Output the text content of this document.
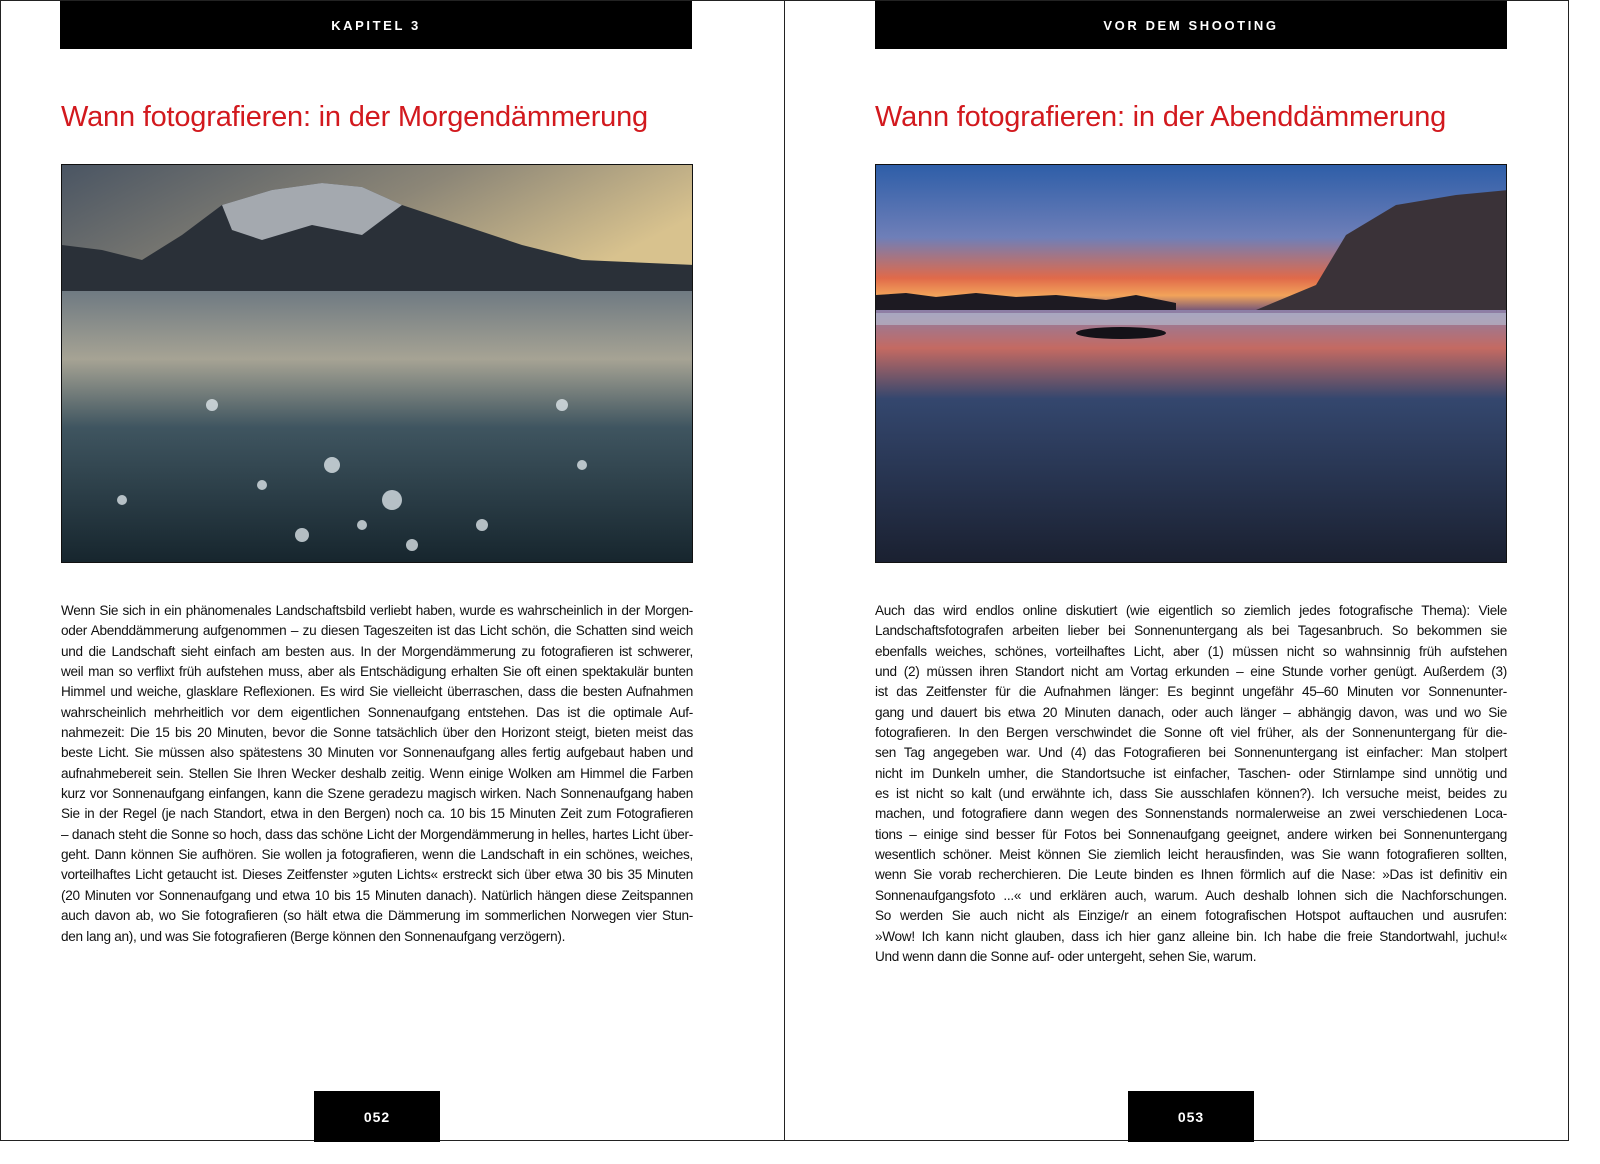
KAPITEL 3
Wann fotografieren: in der Morgendämmerung
Wenn Sie sich in ein phänomenales Landschaftsbild verliebt haben, wurde es wahrscheinlich in der Morgen-
oder Abenddämmerung aufgenommen – zu diesen Tageszeiten ist das Licht schön, die Schatten sind weich
und die Landschaft sieht einfach am besten aus. In der Morgendämmerung zu fotografieren ist schwerer,
weil man so verflixt früh aufstehen muss, aber als Entschädigung erhalten Sie oft einen spektakulär bunten
Himmel und weiche, glasklare Reflexionen. Es wird Sie vielleicht überraschen, dass die besten Aufnahmen
wahrscheinlich mehrheitlich vor dem eigentlichen Sonnenaufgang entstehen. Das ist die optimale Auf-
nahmezeit: Die 15 bis 20 Minuten, bevor die Sonne tatsächlich über den Horizont steigt, bieten meist das
beste Licht. Sie müssen also spätestens 30 Minuten vor Sonnenaufgang alles fertig aufgebaut haben und
aufnahmebereit sein. Stellen Sie Ihren Wecker deshalb zeitig. Wenn einige Wolken am Himmel die Farben
kurz vor Sonnenaufgang einfangen, kann die Szene geradezu magisch wirken. Nach Sonnenaufgang haben
Sie in der Regel (je nach Standort, etwa in den Bergen) noch ca. 10 bis 15 Minuten Zeit zum Fotografieren
– danach steht die Sonne so hoch, dass das schöne Licht der Morgendämmerung in helles, hartes Licht über-
geht. Dann können Sie aufhören. Sie wollen ja fotografieren, wenn die Landschaft in ein schönes, weiches,
vorteilhaftes Licht getaucht ist. Dieses Zeitfenster »guten Lichts« erstreckt sich über etwa 30 bis 35 Minuten
(20 Minuten vor Sonnenaufgang und etwa 10 bis 15 Minuten danach). Natürlich hängen diese Zeitspannen
auch davon ab, wo Sie fotografieren (so hält etwa die Dämmerung im sommerlichen Norwegen vier Stun-
den lang an), und was Sie fotografieren (Berge können den Sonnenaufgang verzögern).
052
VOR DEM SHOOTING
Wann fotografieren: in der Abenddämmerung
Auch das wird endlos online diskutiert (wie eigentlich so ziemlich jedes fotografische Thema): Viele
Landschaftsfotografen arbeiten lieber bei Sonnenuntergang als bei Tagesanbruch. So bekommen sie
ebenfalls weiches, schönes, vorteilhaftes Licht, aber (1) müssen nicht so wahnsinnig früh aufstehen
und (2) müssen ihren Standort nicht am Vortag erkunden – eine Stunde vorher genügt. Außerdem (3)
ist das Zeitfenster für die Aufnahmen länger: Es beginnt ungefähr 45–60 Minuten vor Sonnenunter-
gang und dauert bis etwa 20 Minuten danach, oder auch länger – abhängig davon, was und wo Sie
fotografieren. In den Bergen verschwindet die Sonne oft viel früher, als der Sonnenuntergang für die-
sen Tag angegeben war. Und (4) das Fotografieren bei Sonnenuntergang ist einfacher: Man stolpert
nicht im Dunkeln umher, die Standortsuche ist einfacher, Taschen- oder Stirnlampe sind unnötig und
es ist nicht so kalt (und erwähnte ich, dass Sie ausschlafen können?). Ich versuche meist, beides zu
machen, und fotografiere dann wegen des Sonnenstands normalerweise an zwei verschiedenen Loca-
tions – einige sind besser für Fotos bei Sonnenaufgang geeignet, andere wirken bei Sonnenuntergang
wesentlich schöner. Meist können Sie ziemlich leicht herausfinden, was Sie wann fotografieren sollten,
wenn Sie vorab recherchieren. Die Leute binden es Ihnen förmlich auf die Nase: »Das ist definitiv ein
Sonnenaufgangsfoto ...« und erklären auch, warum. Auch deshalb lohnen sich die Nachforschungen.
So werden Sie auch nicht als Einzige/r an einem fotografischen Hotspot auftauchen und ausrufen:
»Wow! Ich kann nicht glauben, dass ich hier ganz alleine bin. Ich habe die freie Standortwahl, juchu!«
Und wenn dann die Sonne auf- oder untergeht, sehen Sie, warum.
053
